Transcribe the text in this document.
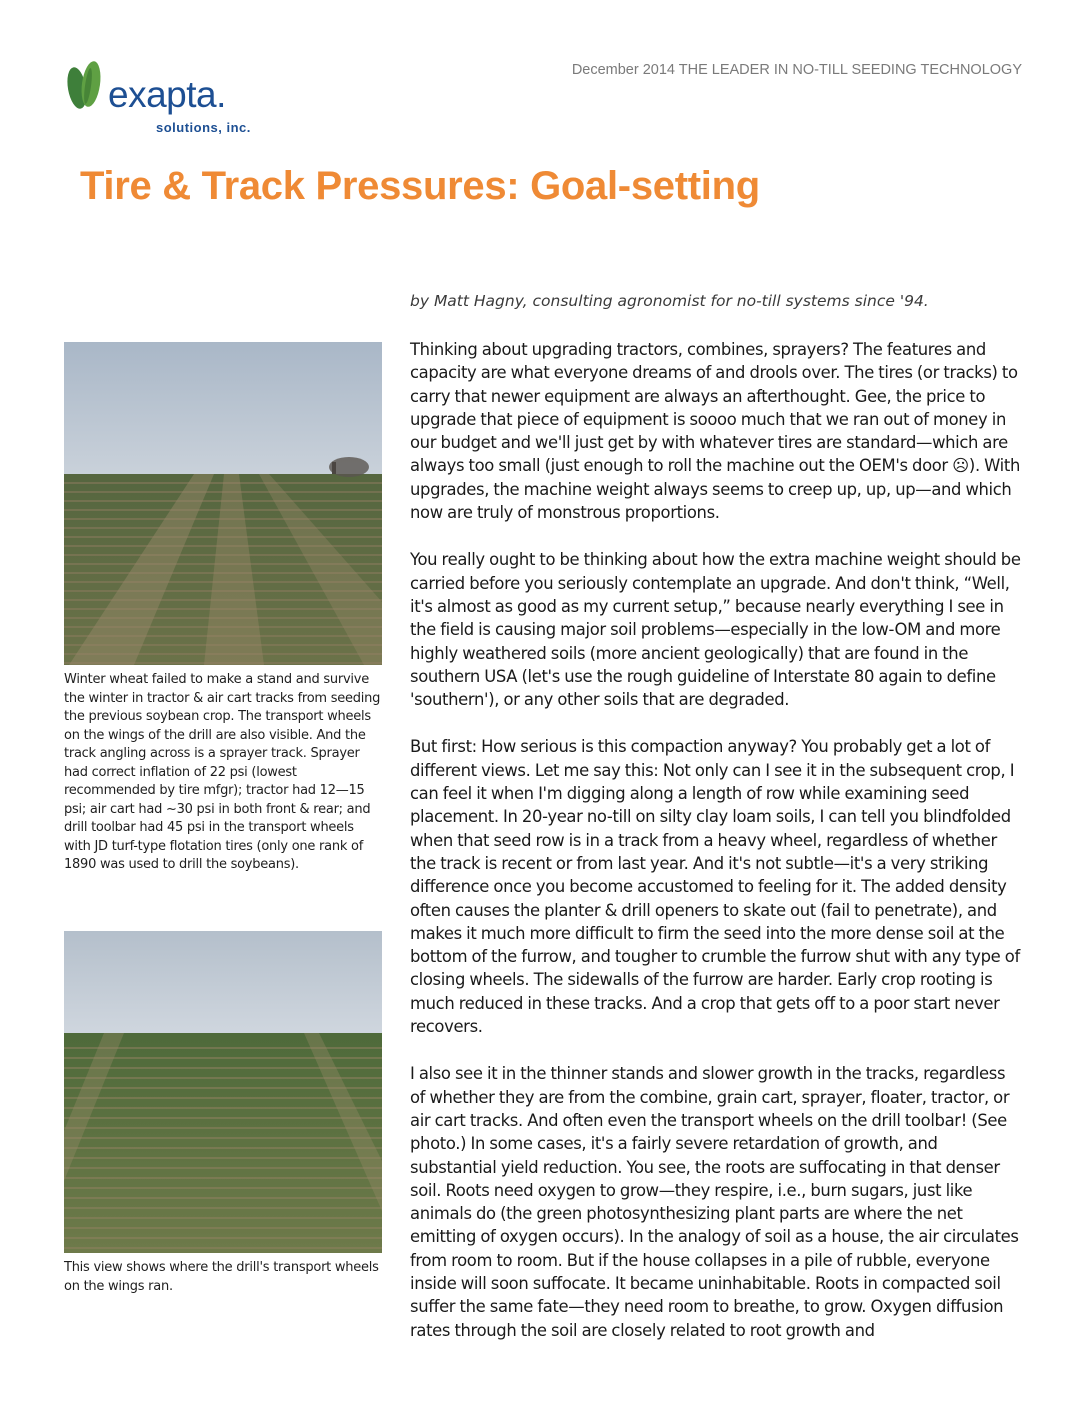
exapta.
solutions, inc.
December 2014 THE LEADER IN NO-TILL SEEDING TECHNOLOGY
Tire & Track Pressures: Goal-setting
by Matt Hagny, consulting agronomist for no-till systems since '94.

Winter wheat failed to make a stand and survive the winter in tractor & air cart tracks from seeding the previous soybean crop. The transport wheels on the wings of the drill are also visible. And the track angling across is a sprayer track. Sprayer had correct inflation of 22 psi (lowest recommended by tire mfgr); tractor had 12—15 psi; air cart had ~30 psi in both front & rear; and drill toolbar had 45 psi in the transport wheels with JD turf-type flotation tires (only one rank of 1890 was used to drill the soybeans).

This view shows where the drill's transport wheels on the wings ran.

Thinking about upgrading tractors, combines, sprayers? The features and capacity are what everyone dreams of and drools over. The tires (or tracks) to carry that newer equipment are always an afterthought. Gee, the price to upgrade that piece of equipment is soooo much that we ran out of money in our budget and we'll just get by with whatever tires are standard—which are always too small (just enough to roll the machine out the OEM's door ☹). With upgrades, the machine weight always seems to creep up, up, up—and which now are truly of monstrous proportions.

You really ought to be thinking about how the extra machine weight should be carried before you seriously contemplate an upgrade. And don't think, “Well, it's almost as good as my current setup,” because nearly everything I see in the field is causing major soil problems—especially in the low-OM and more highly weathered soils (more ancient geologically) that are found in the southern USA (let's use the rough guideline of Interstate 80 again to define 'southern'), or any other soils that are degraded.

But first: How serious is this compaction anyway? You probably get a lot of different views. Let me say this: Not only can I see it in the subsequent crop, I can feel it when I'm digging along a length of row while examining seed placement. In 20-year no-till on silty clay loam soils, I can tell you blindfolded when that seed row is in a track from a heavy wheel, regardless of whether the track is recent or from last year. And it's not subtle—it's a very striking difference once you become accustomed to feeling for it. The added density often causes the planter & drill openers to skate out (fail to penetrate), and makes it much more difficult to firm the seed into the more dense soil at the bottom of the furrow, and tougher to crumble the furrow shut with any type of closing wheels. The sidewalls of the furrow are harder. Early crop rooting is much reduced in these tracks. And a crop that gets off to a poor start never recovers.

I also see it in the thinner stands and slower growth in the tracks, regardless of whether they are from the combine, grain cart, sprayer, floater, tractor, or air cart tracks. And often even the transport wheels on the drill toolbar! (See photo.) In some cases, it's a fairly severe retardation of growth, and substantial yield reduction. You see, the roots are suffocating in that denser soil. Roots need oxygen to grow—they respire, i.e., burn sugars, just like animals do (the green photosynthesizing plant parts are where the net emitting of oxygen occurs). In the analogy of soil as a house, the air circulates from room to room. But if the house collapses in a pile of rubble, everyone inside will soon suffocate. It became uninhabitable. Roots in compacted soil suffer the same fate—they need room to breathe, to grow. Oxygen diffusion rates through the soil are closely related to root growth and
